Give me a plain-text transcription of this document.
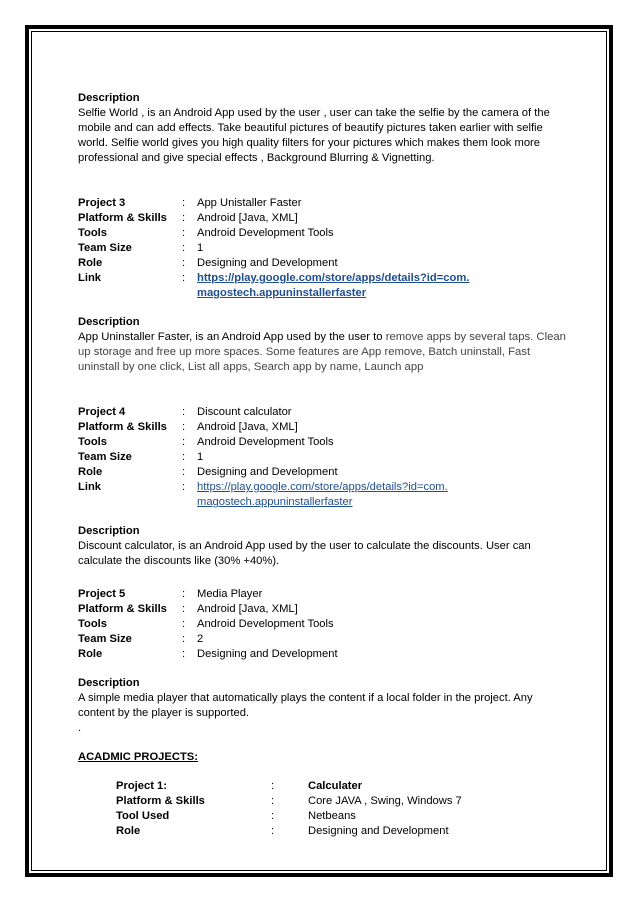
Description

Selfie World , is an Android App used by the user , user can take the selfie by the camera of the mobile and can add effects. Take beautiful pictures of beautify pictures taken earlier with selfie world. Selfie world gives you high quality filters for your pictures which makes them look more professional and give special effects , Background Blurring & Vignetting.

Project 3	:	App Unistaller Faster
Platform & Skills	:	Android [Java, XML]
Tools	:	Android Development Tools
Team Size	:	1
Role	:	Designing and Development
Link	:	https://play.google.com/store/apps/details?id=com.
magostech.appuninstallerfaster

Description

App Uninstaller Faster, is an Android App used by the user to remove apps by several taps. Clean up storage and free up more spaces. Some features are App remove, Batch uninstall, Fast uninstall by one click, List all apps, Search app by name, Launch app

Project 4	:	Discount calculator
Platform & Skills	:	Android [Java, XML]
Tools	:	Android Development Tools
Team Size	:	1
Role	:	Designing and Development
Link	:	https://play.google.com/store/apps/details?id=com.
magostech.appuninstallerfaster

Description

Discount calculator, is an Android App used by the user to calculate the discounts. User can calculate the discounts like (30% +40%).

Project 5	:	Media Player
Platform & Skills	:	Android [Java, XML]
Tools	:	Android Development Tools
Team Size	:	2
Role	:	Designing and Development

Description

A simple media player that automatically plays the content if a local folder in the project. Any content by the player is supported.

.

ACADMIC PROJECTS:

Project 1:	:	Calculater
Platform & Skills	:	Core JAVA , Swing, Windows 7
Tool Used	:	Netbeans
Role	:	Designing and Development
